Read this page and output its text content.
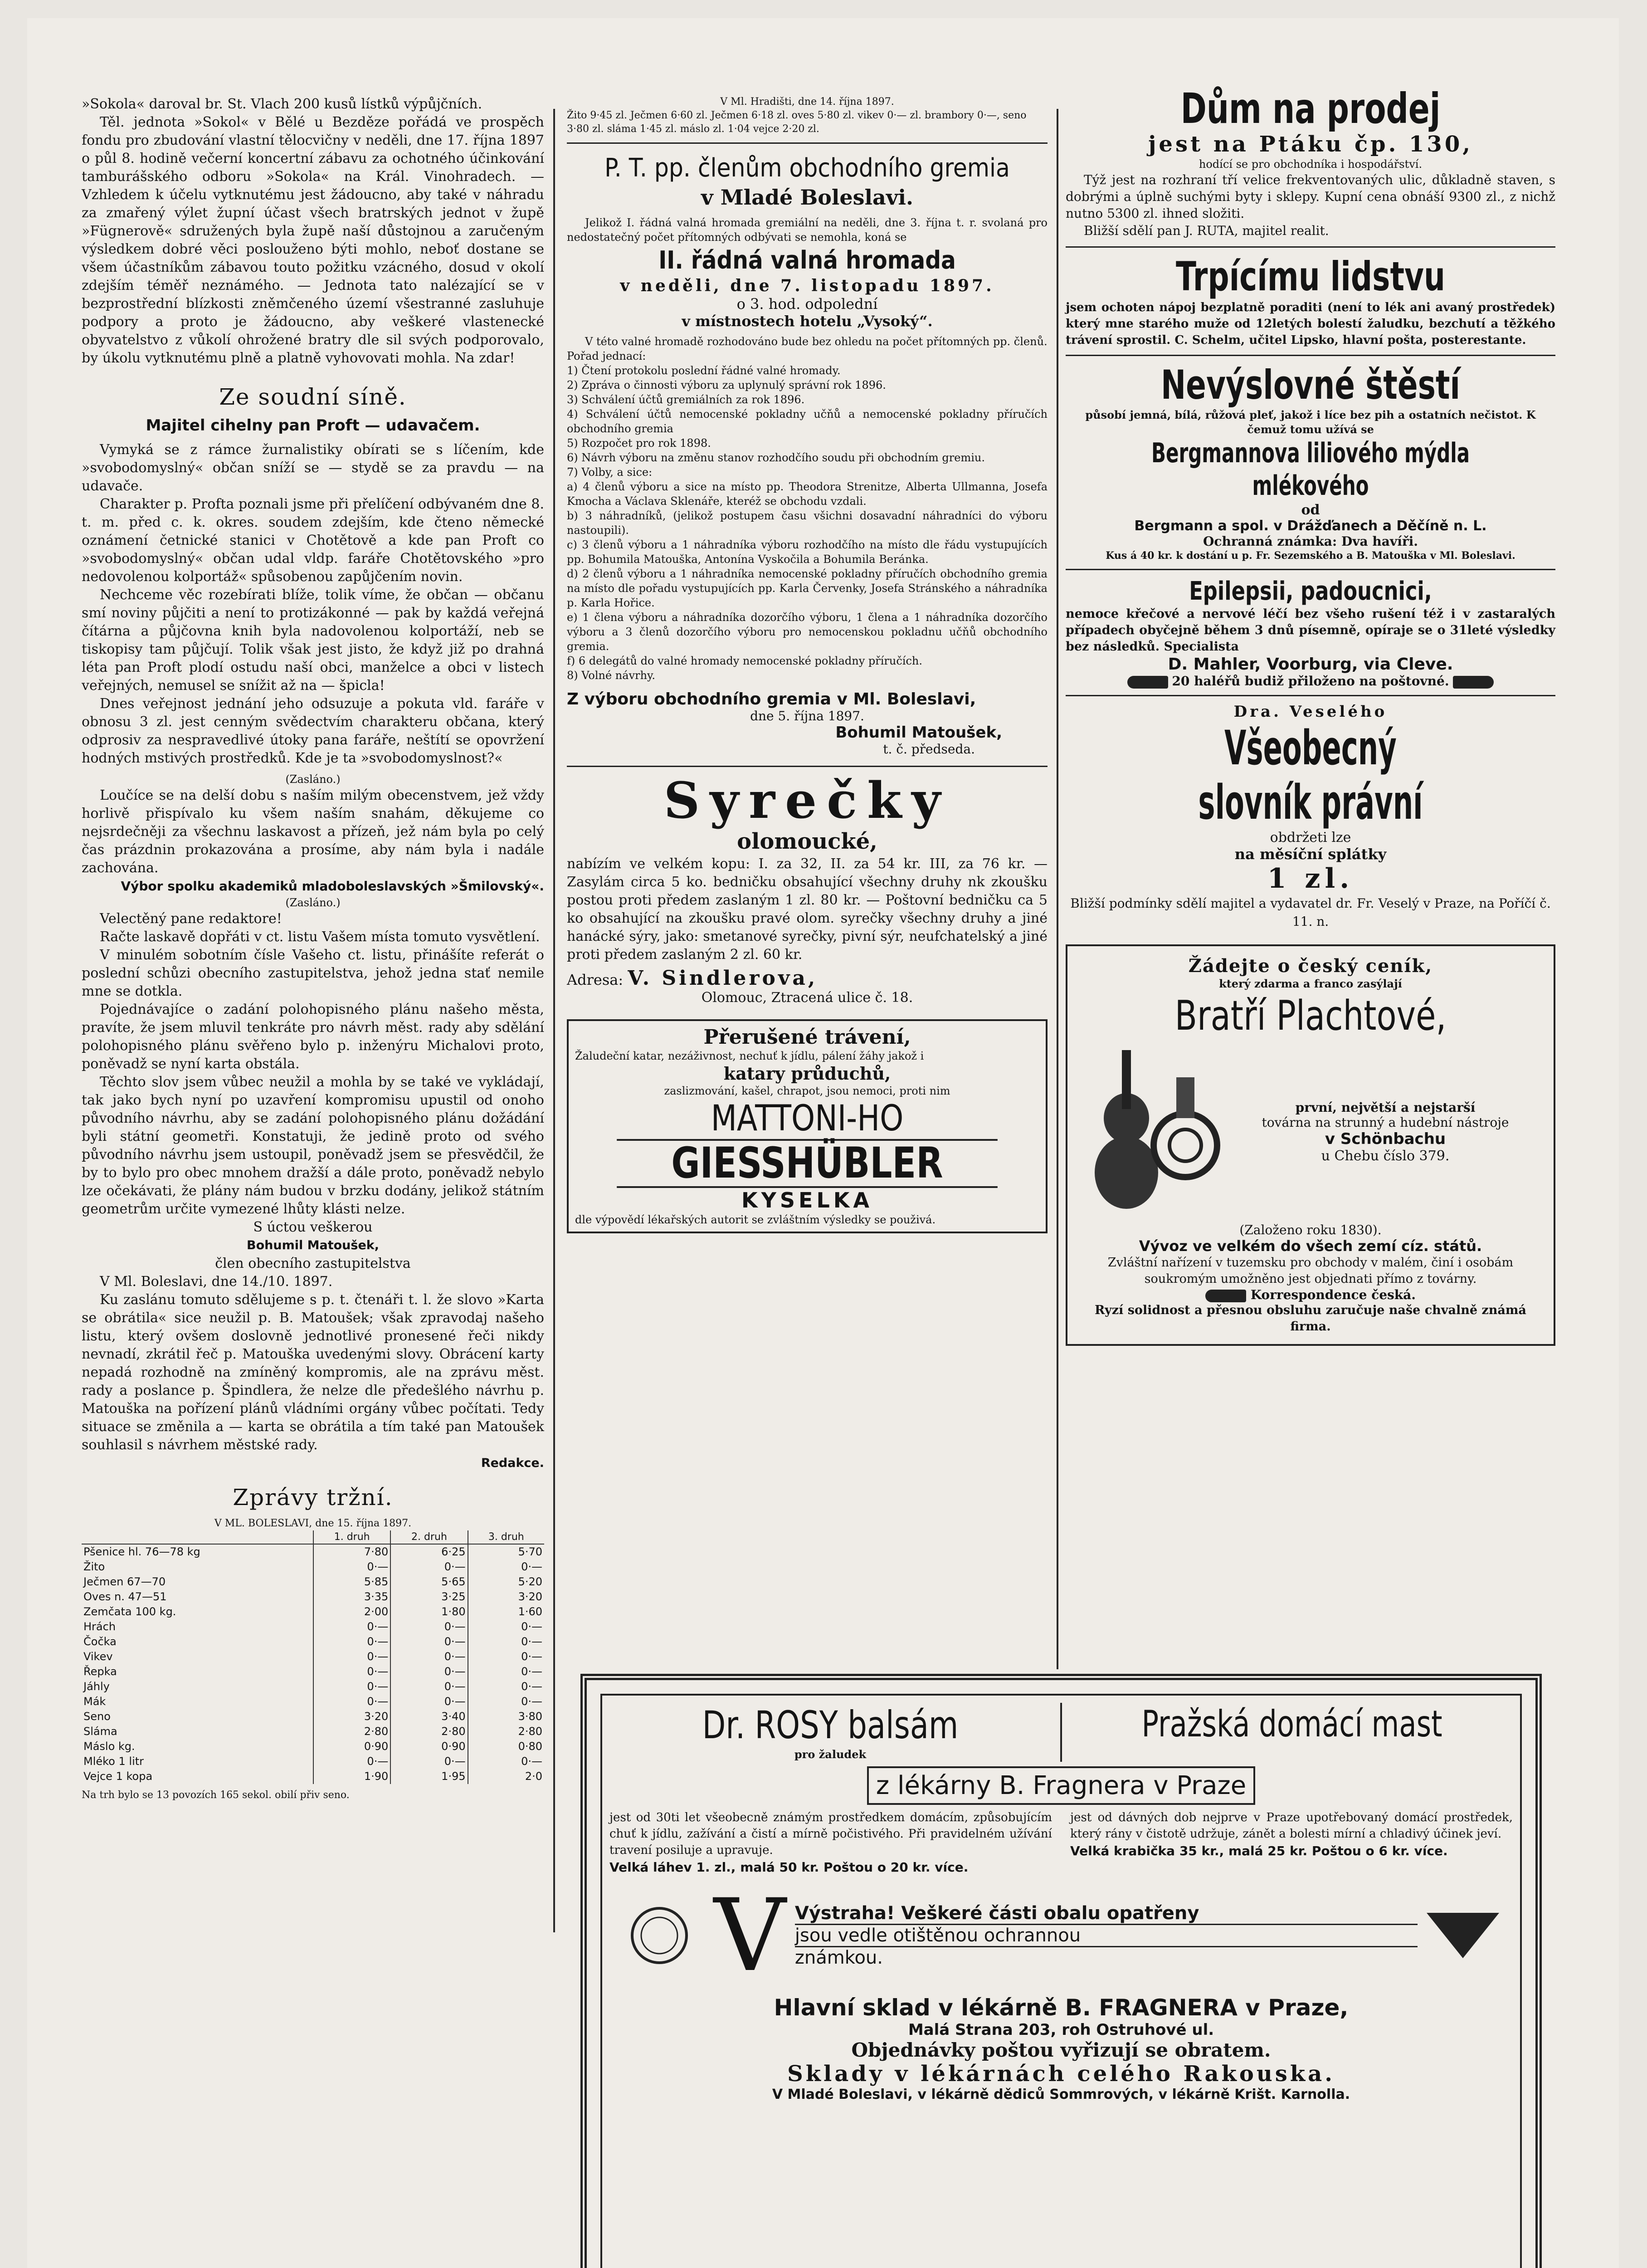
»Sokola« daroval br. St. Vlach 200 kusů lístků výpůjčních.

Těl. jednota »Sokol« v Bělé u Bezděze pořádá ve prospěch fondu pro zbudování vlastní tělocvičny v neděli, dne 17. října 1897 o půl 8. hodině večerní koncertní zábavu za ochotného účinkování tamburášského odboru »Sokola« na Král. Vinohradech. — Vzhledem k účelu vytknutému jest žádoucno, aby také v náhradu za zmařený výlet župní účast všech bratrských jednot v župě »Fügnerově« sdružených byla župě naší důstojnou a zaručeným výsledkem dobré věci poslouženo býti mohlo, neboť dostane se všem účastníkům zábavou touto požitku vzácného, dosud v okolí zdejším téměř neznámého. — Jednota tato nalézající se v bezprostřední blízkosti zněmčeného území všestranné zasluhuje podpory a proto je žádoucno, aby veškeré vlastenecké obyvatelstvo z vůkolí ohrožené bratry dle sil svých podporovalo, by úkolu vytknutému plně a platně vyhovovati mohla. Na zdar!

Ze soudní síně.
Majitel cihelny pan Proft — udavačem.

Vymyká se z rámce žurnalistiky obírati se s líčením, kde »svobodomyslný« občan sníží se — stydě se za pravdu — na udavače.

Charakter p. Profta poznali jsme při přelíčení odbývaném dne 8. t. m. před c. k. okres. soudem zdejším, kde čteno německé oznámení četnické stanici v Chotětově a kde pan Proft co »svobodomyslný« občan udal vldp. faráře Chotětovského »pro nedovolenou kolportáž« spůsobenou zapůjčením novin.

Nechceme věc rozebírati blíže, tolik víme, že občan — občanu smí noviny půjčiti a není to protizákonné — pak by každá veřejná čítárna a půjčovna knih byla nadovolenou kolportáží, neb se tiskopisy tam půjčují. Tolik však jest jisto, že když již po drahná léta pan Proft plodí ostudu naší obci, manželce a obci v listech veřejných, nemusel se snížit až na — špicla!

Dnes veřejnost jednání jeho odsuzuje a pokuta vld. faráře v obnosu 3 zl. jest cenným svědectvím charakteru občana, který odprosiv za nespravedlivé útoky pana faráře, neštítí se opovržení hodných mstivých prostředků. Kde je ta »svobodomyslnost?«

(Zasláno.)

Loučíce se na delší dobu s naším milým obecenstvem, jež vždy horlivě přispívalo ku všem naším snahám, děkujeme co nejsrdečněji za všechnu laskavost a přízeň, jež nám byla po celý čas prázdnin prokazována a prosíme, aby nám byla i nadále zachována.

Výbor spolku akademiků mladoboleslavských »Šmilovský«.

(Zasláno.)

Velectěný pane redaktore!

Račte laskavě dopřáti v ct. listu Vašem místa tomuto vysvětlení.

V minulém sobotním čísle Vašeho ct. listu, přinášíte referát o poslední schůzi obecního zastupitelstva, jehož jedna stať nemile mne se dotkla.

Pojednávajíce o zadání polohopisného plánu našeho města, pravíte, že jsem mluvil tenkráte pro návrh měst. rady aby sdělání polohopisného plánu svěřeno bylo p. inženýru Michalovi proto, poněvadž se nyní karta obstála.

Těchto slov jsem vůbec neužil a mohla by se také ve vykládají, tak jako bych nyní po uzavření kompromisu upustil od onoho původního návrhu, aby se zadání polohopisného plánu dožádání byli státní geometři. Konstatuji, že jedině proto od svého původního návrhu jsem ustoupil, poněvadž jsem se přesvědčil, že by to bylo pro obec mnohem dražší a dále proto, poněvadž nebylo lze očekávati, že plány nám budou v brzku dodány, jelikož státním geometrům určite vymezené lhůty klásti nelze.

S úctou veškerou

Bohumil Matoušek,

člen obecního zastupitelstva

V Ml. Boleslavi, dne 14./10. 1897.

Ku zaslánu tomuto sdělujeme s p. t. čtenáři t. l. že slovo »Karta se obrátila« sice neužil p. B. Matoušek; však zpravodaj našeho listu, který ovšem doslovně jednotlivé pronesené řeči nikdy nevnadí, zkrátil řeč p. Matouška uvedenými slovy. Obrácení karty nepadá rozhodně na zmíněný kompromis, ale na zprávu měst. rady a poslance p. Špindlera, že nelze dle předešlého návrhu p. Matouška na pořízení plánů vládními orgány vůbec počítati. Tedy situace se změnila a — karta se obrátila a tím také pan Matoušek souhlasil s návrhem městské rady.

Redakce.

Zprávy tržní.
V ML. BOLESLAVI, dne 15. října 1897.
	1. druh	2. druh	3. druh
Pšenice hl. 76—78 kg	7·80	6·25	5·70
Žito	0·—	0·—	0·—
Ječmen 67—70	5·85	5·65	5·20
Oves n. 47—51	3·35	3·25	3·20
Zemčata 100 kg.	2·00	1·80	1·60
Hrách	0·—	0·—	0·—
Čočka	0·—	0·—	0·—
Vikev	0·—	0·—	0·—
Řepka	0·—	0·—	0·—
Jáhly	0·—	0·—	0·—
Mák	0·—	0·—	0·—
Seno	3·20	3·40	3·80
Sláma	2·80	2·80	2·80
Máslo kg.	0·90	0·90	0·80
Mléko 1 litr	0·—	0·—	0·—
Vejce 1 kopa	1·90	1·95	2·0
Na trh bylo se 13 povozích 165 sekol. obilí přiv seno.
V Ml. Hradišti, dne 14. října 1897.
Žito 9·45 zl. Ječmen 6·60 zl. Ječmen 6·18 zl. oves 5·80 zl. vikev 0·— zl. brambory 0·—, seno 3·80 zl. sláma 1·45 zl. máslo zl. 1·04 vejce 2·20 zl.
P. T. pp. členům obchodního gremia
v Mladé Boleslavi.

Jelikož I. řádná valná hromada gremiální na neděli, dne 3. října t. r. svolaná pro nedostatečný počet přítomných odbývati se nemohla, koná se

II. řádná valná hromada
v neděli, dne 7. listopadu 1897.
o 3. hod. odpolední
v místnostech hotelu „Vysoký“.

V této valné hromadě rozhodováno bude bez ohledu na počet přítomných pp. členů.

Pořad jednací:

1) Čtení protokolu poslední řádné valné hromady.

2) Zpráva o činnosti výboru za uplynulý správní rok 1896.

3) Schválení účtů gremiálních za rok 1896.

4) Schválení účtů nemocenské pokladny učňů a nemocenské pokladny příručích obchodního gremia

5) Rozpočet pro rok 1898.

6) Návrh výboru na změnu stanov rozhodčího soudu při obchodním gremiu.

7) Volby, a sice:

a) 4 členů výboru a sice na místo pp. Theodora Strenitze, Alberta Ullmanna, Josefa Kmocha a Václava Sklenáře, kteréž se obchodu vzdali.

b) 3 náhradníků, (jelikož postupem času všichni dosavadní náhradníci do výboru nastoupili).

c) 3 členů výboru a 1 náhradníka výboru rozhodčího na místo dle řádu vystupujících pp. Bohumila Matouška, Antonína Vyskočila a Bohumila Beránka.

d) 2 členů výboru a 1 náhradníka nemocenské pokladny příručích obchodního gremia na místo dle pořadu vystupujících pp. Karla Červenky, Josefa Stránského a náhradníka p. Karla Hořice.

e) 1 člena výboru a náhradníka dozorčího výboru, 1 člena a 1 náhradníka dozorčího výboru a 3 členů dozorčího výboru pro nemocenskou pokladnu učňů obchodního gremia.

f) 6 delegátů do valné hromady nemocenské pokladny příručích.

8) Volné návrhy.

Z výboru obchodního gremia v Ml. Boleslavi,
dne 5. října 1897.
Bohumil Matoušek,
t. č. předseda.
Syrečky
olomoucké,

nabízím ve velkém kopu: I. za 32, II. za 54 kr. III, za 76 kr. — Zasylám circa 5 ko. bedničku obsahující všechny druhy nk zkoušku postou proti předem zaslaným 1 zl. 80 kr. — Poštovní bedničku ca 5 ko obsahující na zkoušku pravé olom. syrečky všechny druhy a jiné hanácké sýry, jako: smetanové syrečky, pivní sýr, neufchatelský a jiné proti předem zaslaným 2 zl. 60 kr.

Adresa: V. Sindlerova,
Olomouc, Ztracená ulice č. 18.
Přerušené trávení,

Žaludeční katar, nezáživnost, nechuť k jídlu, pálení žáhy jakož i

katary průduchů,
zaslizmování, kašel, chrapot, jsou nemoci, proti nim
MATTONI-HO
GIESSHÜBLER
KYSELKA
dle výpovědí lékařských autorit se zvláštním výsledky se použivá.
Dům na prodej
jest na Ptáku čp. 130,
hodící se pro obchodníka i hospodářství.

Týž jest na rozhraní tří velice frekventovaných ulic, důkladně staven, s dobrými a úplně suchými byty i sklepy. Kupní cena obnáší 9300 zl., z nichž nutno 5300 zl. ihned složiti.

Bližší sdělí pan J. RUTA, majitel realit.

Trpícímu lidstvu

jsem ochoten nápoj bezplatně poraditi (není to lék ani avaný prostředek) který mne starého muže od 12letých bolestí žaludku, bezchutí a těžkého trávení sprostil. C. Schelm, učitel Lipsko, hlavní pošta, posterestante.

Nevýslovné štěstí

působí jemná, bílá, růžová pleť, jakož i líce bez pih a ostatních nečistot. K čemuž tomu užívá se

Bergmannova liliového mýdla mlékového
od
Bergmann a spol. v Drážďanech a Děčíně n. L.
Ochranná známka: Dva havíři.
Kus á 40 kr. k dostání u p. Fr. Sezemského a B. Matouška v Ml. Boleslavi.
Epilepsii, padoucnici,

nemoce křečové a nervové léčí bez všeho rušení též i v zastaralých případech obyčejně během 3 dnů písemně, opíraje se o 31leté výsledky bez následků. Specialista

D. Mahler, Voorburg, via Cleve.
20 haléřů budiž přiloženo na poštovné.
Dra. Veselého
Všeobecný slovník právní
obdržeti lze
na měsíční splátky
1 zl.

Bližší podmínky sdělí majitel a vydavatel dr. Fr. Veselý v Praze, na Poříčí č. 11. n.

Žádejte o český ceník,
který zdarma a franco zasýlají
Bratří Plachtové,
první, největší a nejstarší
továrna na strunný a hudební nástroje
v Schönbachu
u Chebu číslo 379.
(Založeno roku 1830).
Vývoz ve velkém do všech zemí cíz. států.

Zvláštní nařízení v tuzemsku pro obchody v malém, činí i osobám soukromým umožněno jest objednati přímo z továrny.

Korrespondence česká.

Ryzí solidnost a přesnou obsluhu zaručuje naše chvalně známá firma.

Dr. ROSY balsám
pro žaludek
Pražská domácí mast
z lékárny B. Fragnera v Praze

jest od 30ti let všeobecně známým prostředkem domácím, způsobujícím chuť k jídlu, zažívání a čistí a mírně počistivého. Při pravidelném užívání travení posiluje a upravuje.

Velká láhev 1. zl., malá 50 kr. Poštou o 20 kr. více.

jest od dávných dob nejprve v Praze upotřebovaný domácí prostředek, který rány v čistotě udržuje, zánět a bolesti mírní a chladivý účinek jeví.

Velká krabička 35 kr., malá 25 kr. Poštou o 6 kr. více.

V Výstraha! Veškeré části obalu opatřeny
jsou vedle otištěnou ochrannou
známkou.
Hlavní sklad v lékárně B. FRAGNERA v Praze,
Malá Strana 203, roh Ostruhové ul.
Objednávky poštou vyřizují se obratem.
Sklady v lékárnách celého Rakouska.
V Mladé Boleslavi, v lékárně dědiců Sommrových, v lékárně Krišt. Karnolla.
